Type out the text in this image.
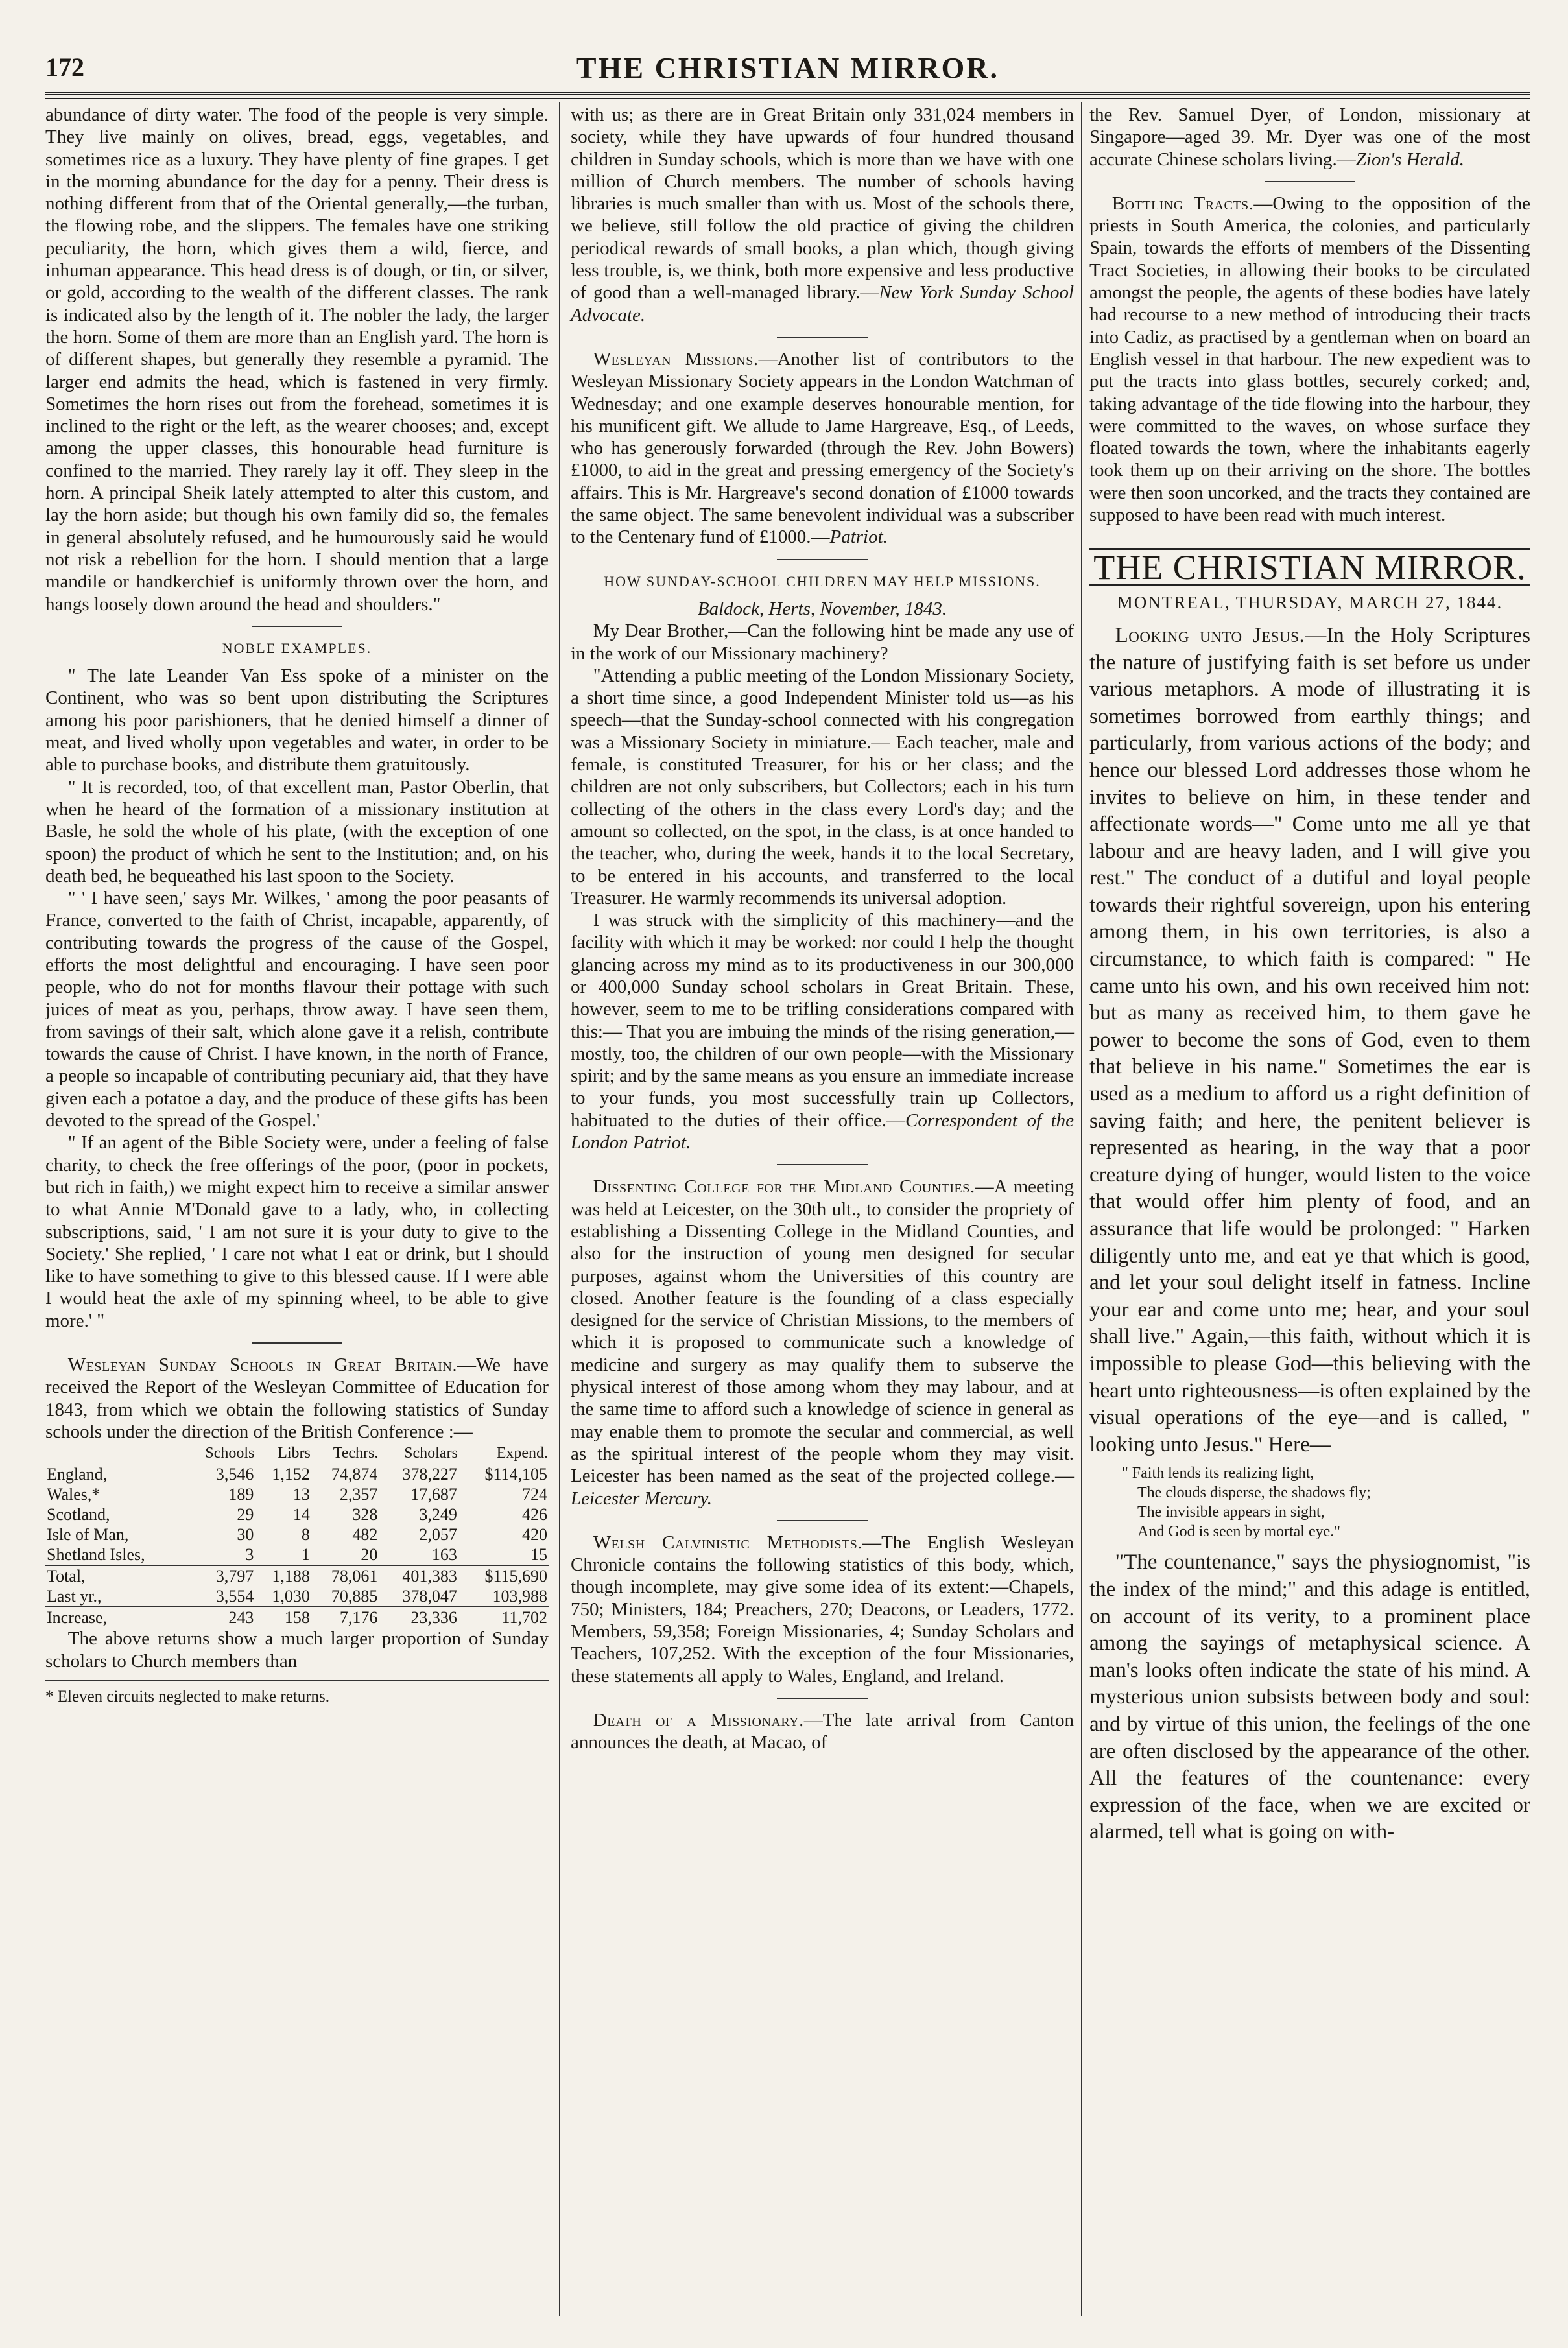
172	THE CHRISTIAN MIRROR.

abundance of dirty water. The food of the people is very simple. They live mainly on olives, bread, eggs, vegetables, and sometimes rice as a luxury. They have plenty of fine grapes. I get in the morning abundance for the day for a penny. Their dress is nothing different from that of the Oriental generally,—the turban, the flowing robe, and the slippers. The females have one striking peculiarity, the horn, which gives them a wild, fierce, and inhuman appearance. This head dress is of dough, or tin, or silver, or gold, according to the wealth of the different classes. The rank is indicated also by the length of it. The nobler the lady, the larger the horn. Some of them are more than an English yard. The horn is of different shapes, but generally they resemble a pyramid. The larger end admits the head, which is fastened in very firmly. Sometimes the horn rises out from the forehead, sometimes it is inclined to the right or the left, as the wearer chooses; and, except among the upper classes, this honourable head furniture is confined to the married. They rarely lay it off. They sleep in the horn. A principal Sheik lately attempted to alter this custom, and lay the horn aside; but though his own family did so, the females in general absolutely refused, and he humourously said he would not risk a rebellion for the horn. I should mention that a large mandile or handkerchief is uniformly thrown over the horn, and hangs loosely down around the head and shoulders."

NOBLE EXAMPLES.

" The late Leander Van Ess spoke of a minister on the Continent, who was so bent upon distributing the Scriptures among his poor parishioners, that he denied himself a dinner of meat, and lived wholly upon vegetables and water, in order to be able to purchase books, and distribute them gratuitously.

" It is recorded, too, of that excellent man, Pastor Oberlin, that when he heard of the formation of a missionary institution at Basle, he sold the whole of his plate, (with the exception of one spoon) the product of which he sent to the Institution; and, on his death bed, he bequeathed his last spoon to the Society.

" ' I have seen,' says Mr. Wilkes, ' among the poor peasants of France, converted to the faith of Christ, incapable, apparently, of contributing towards the progress of the cause of the Gospel, efforts the most delightful and encouraging. I have seen poor people, who do not for months flavour their pottage with such juices of meat as you, perhaps, throw away. I have seen them, from savings of their salt, which alone gave it a relish, contribute towards the cause of Christ. I have known, in the north of France, a people so incapable of contributing pecuniary aid, that they have given each a potatoe a day, and the produce of these gifts has been devoted to the spread of the Gospel.'

" If an agent of the Bible Society were, under a feeling of false charity, to check the free offerings of the poor, (poor in pockets, but rich in faith,) we might expect him to receive a similar answer to what Annie M'Donald gave to a lady, who, in collecting subscriptions, said, ' I am not sure it is your duty to give to the Society.' She replied, ' I care not what I eat or drink, but I should like to have something to give to this blessed cause. If I were able I would heat the axle of my spinning wheel, to be able to give more.' "

Wesleyan Sunday Schools in Great Britain.—We have received the Report of the Wesleyan Committee of Education for 1843, from which we obtain the following statistics of Sunday schools under the direction of the British Conference :—

	Schools	Librs	Techrs.	Scholars	Expend.
England,	3,546	1,152	74,874	378,227	$114,105
Wales,*	189	13	2,357	17,687	724
Scotland,	29	14	328	3,249	426
Isle of Man,	30	8	482	2,057	420
Shetland Isles,	3	1	20	163	15
Total,	3,797	1,188	78,061	401,383	$115,690
Last yr.,	3,554	1,030	70,885	378,047	103,988
Increase,	243	158	7,176	23,336	11,702

The above returns show a much larger proportion of Sunday scholars to Church members than

* Eleven circuits neglected to make returns.

with us; as there are in Great Britain only 331,024 members in society, while they have upwards of four hundred thousand children in Sunday schools, which is more than we have with one million of Church members. The number of schools having libraries is much smaller than with us. Most of the schools there, we believe, still follow the old practice of giving the children periodical rewards of small books, a plan which, though giving less trouble, is, we think, both more expensive and less productive of good than a well-managed library.—New York Sunday School Advocate.

Wesleyan Missions.—Another list of contributors to the Wesleyan Missionary Society appears in the London Watchman of Wednesday; and one example deserves honourable mention, for his munificent gift. We allude to Jame Hargreave, Esq., of Leeds, who has generously forwarded (through the Rev. John Bowers) £1000, to aid in the great and pressing emergency of the Society's affairs. This is Mr. Hargreave's second donation of £1000 towards the same object. The same benevolent individual was a subscriber to the Centenary fund of £1000.—Patriot.

HOW SUNDAY-SCHOOL CHILDREN MAY HELP MISSIONS.

Baldock, Herts, November, 1843.

My Dear Brother,—Can the following hint be made any use of in the work of our Missionary machinery?

"Attending a public meeting of the London Missionary Society, a short time since, a good Independent Minister told us—as his speech—that the Sunday-school connected with his congregation was a Missionary Society in miniature.— Each teacher, male and female, is constituted Treasurer, for his or her class; and the children are not only subscribers, but Collectors; each in his turn collecting of the others in the class every Lord's day; and the amount so collected, on the spot, in the class, is at once handed to the teacher, who, during the week, hands it to the local Secretary, to be entered in his accounts, and transferred to the local Treasurer. He warmly recommends its universal adoption.

I was struck with the simplicity of this machinery—and the facility with which it may be worked: nor could I help the thought glancing across my mind as to its productiveness in our 300,000 or 400,000 Sunday school scholars in Great Britain. These, however, seem to me to be trifling considerations compared with this:— That you are imbuing the minds of the rising generation,—mostly, too, the children of our own people—with the Missionary spirit; and by the same means as you ensure an immediate increase to your funds, you most successfully train up Collectors, habituated to the duties of their office.—Correspondent of the London Patriot.

Dissenting College for the Midland Counties.—A meeting was held at Leicester, on the 30th ult., to consider the propriety of establishing a Dissenting College in the Midland Counties, and also for the instruction of young men designed for secular purposes, against whom the Universities of this country are closed. Another feature is the founding of a class especially designed for the service of Christian Missions, to the members of which it is proposed to communicate such a knowledge of medicine and surgery as may qualify them to subserve the physical interest of those among whom they may labour, and at the same time to afford such a knowledge of science in general as may enable them to promote the secular and commercial, as well as the spiritual interest of the people whom they may visit. Leicester has been named as the seat of the projected college.—Leicester Mercury.

Welsh Calvinistic Methodists.—The English Wesleyan Chronicle contains the following statistics of this body, which, though incomplete, may give some idea of its extent:—Chapels, 750; Ministers, 184; Preachers, 270; Deacons, or Leaders, 1772. Members, 59,358; Foreign Missionaries, 4; Sunday Scholars and Teachers, 107,252. With the exception of the four Missionaries, these statements all apply to Wales, England, and Ireland.

Death of a Missionary.—The late arrival from Canton announces the death, at Macao, of

the Rev. Samuel Dyer, of London, missionary at Singapore—aged 39. Mr. Dyer was one of the most accurate Chinese scholars living.—Zion's Herald.

Bottling Tracts.—Owing to the opposition of the priests in South America, the colonies, and particularly Spain, towards the efforts of members of the Dissenting Tract Societies, in allowing their books to be circulated amongst the people, the agents of these bodies have lately had recourse to a new method of introducing their tracts into Cadiz, as practised by a gentleman when on board an English vessel in that harbour. The new expedient was to put the tracts into glass bottles, securely corked; and, taking advantage of the tide flowing into the harbour, they were committed to the waves, on whose surface they floated towards the town, where the inhabitants eagerly took them up on their arriving on the shore. The bottles were then soon uncorked, and the tracts they contained are supposed to have been read with much interest.

THE CHRISTIAN MIRROR.
MONTREAL, THURSDAY, MARCH 27, 1844.

Looking unto Jesus.—In the Holy Scriptures the nature of justifying faith is set before us under various metaphors. A mode of illustrating it is sometimes borrowed from earthly things; and particularly, from various actions of the body; and hence our blessed Lord addresses those whom he invites to believe on him, in these tender and affectionate words—" Come unto me all ye that labour and are heavy laden, and I will give you rest." The conduct of a dutiful and loyal people towards their rightful sovereign, upon his entering among them, in his own territories, is also a circumstance, to which faith is compared: " He came unto his own, and his own received him not: but as many as received him, to them gave he power to become the sons of God, even to them that believe in his name." Sometimes the ear is used as a medium to afford us a right definition of saving faith; and here, the penitent believer is represented as hearing, in the way that a poor creature dying of hunger, would listen to the voice that would offer him plenty of food, and an assurance that life would be prolonged: " Harken diligently unto me, and eat ye that which is good, and let your soul delight itself in fatness. Incline your ear and come unto me; hear, and your soul shall live." Again,—this faith, without which it is impossible to please God—this believing with the heart unto righteousness—is often explained by the visual operations of the eye—and is called, " looking unto Jesus." Here—

" Faith lends its realizing light,
The clouds disperse, the shadows fly;
The invisible appears in sight,
And God is seen by mortal eye."

"The countenance," says the physiognomist, "is the index of the mind;" and this adage is entitled, on account of its verity, to a prominent place among the sayings of metaphysical science. A man's looks often indicate the state of his mind. A mysterious union subsists between body and soul: and by virtue of this union, the feelings of the one are often disclosed by the appearance of the other. All the features of the countenance: every expression of the face, when we are excited or alarmed, tell what is going on with-
